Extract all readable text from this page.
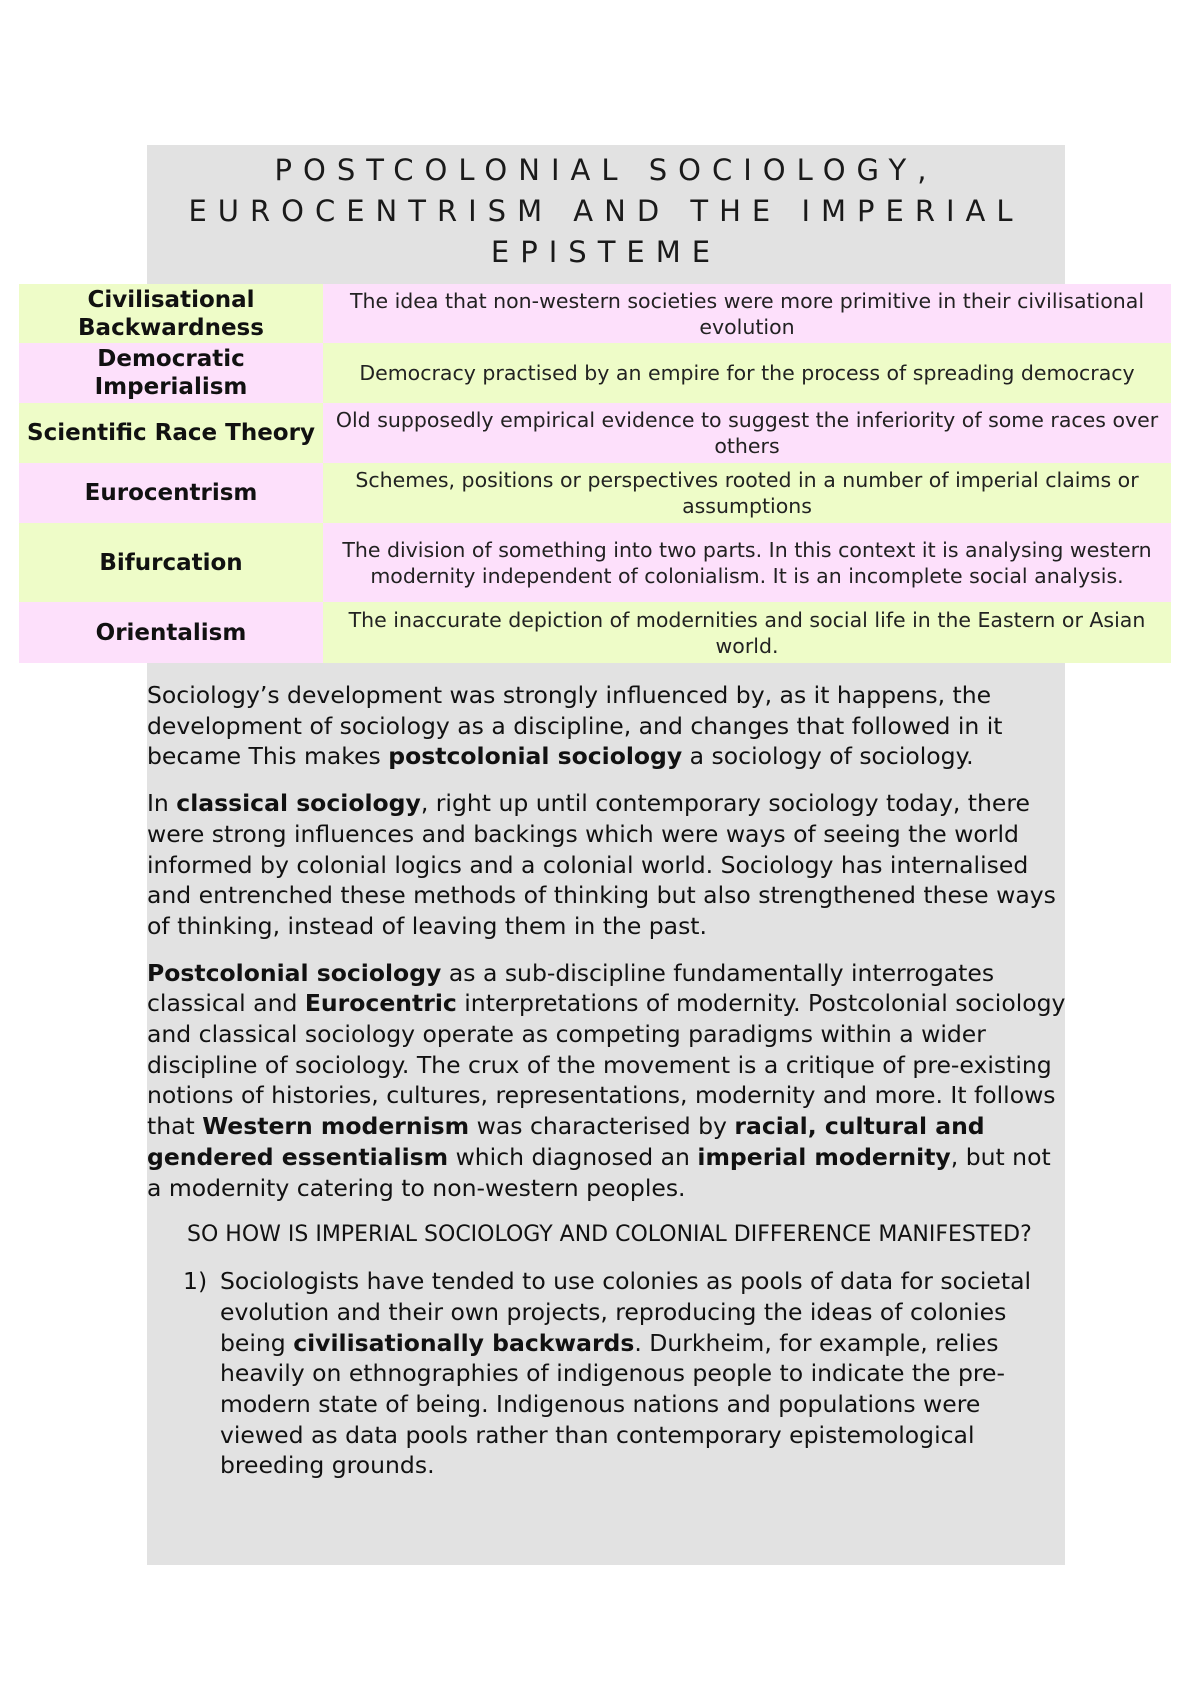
POSTCOLONIAL SOCIOLOGY,
EUROCENTRISM AND THE IMPERIAL
EPISTEME
Civilisational Backwardness	The idea that non-western societies were more primitive in their civilisational evolution
Democratic Imperialism	Democracy practised by an empire for the process of spreading democracy
Scientific Race Theory	Old supposedly empirical evidence to suggest the inferiority of some races over others
Eurocentrism	Schemes, positions or perspectives rooted in a number of imperial claims or assumptions
Bifurcation	The division of something into two parts. In this context it is analysing western modernity independent of colonialism. It is an incomplete social analysis.
Orientalism	The inaccurate depiction of modernities and social life in the Eastern or Asian world.

Sociology’s development was strongly influenced by, as it happens, the development of sociology as a discipline, and changes that followed in it became This makes postcolonial sociology a sociology of sociology.

In classical sociology, right up until contemporary sociology today, there were strong influences and backings which were ways of seeing the world informed by colonial logics and a colonial world. Sociology has internalised and entrenched these methods of thinking but also strengthened these ways of thinking, instead of leaving them in the past.

Postcolonial sociology as a sub-discipline fundamentally interrogates classical and Eurocentric interpretations of modernity. Postcolonial sociology and classical sociology operate as competing paradigms within a wider discipline of sociology. The crux of the movement is a critique of pre-existing notions of histories, cultures, representations, modernity and more. It follows that Western modernism was characterised by racial, cultural and gendered essentialism which diagnosed an imperial modernity, but not a modernity catering to non-western peoples.

SO HOW IS IMPERIAL SOCIOLOGY AND COLONIAL DIFFERENCE MANIFESTED?

1) Sociologists have tended to use colonies as pools of data for societal evolution and their own projects, reproducing the ideas of colonies being civilisationally backwards. Durkheim, for example, relies heavily on ethnographies of indigenous people to indicate the pre-modern state of being. Indigenous nations and populations were viewed as data pools rather than contemporary epistemological breeding grounds.
